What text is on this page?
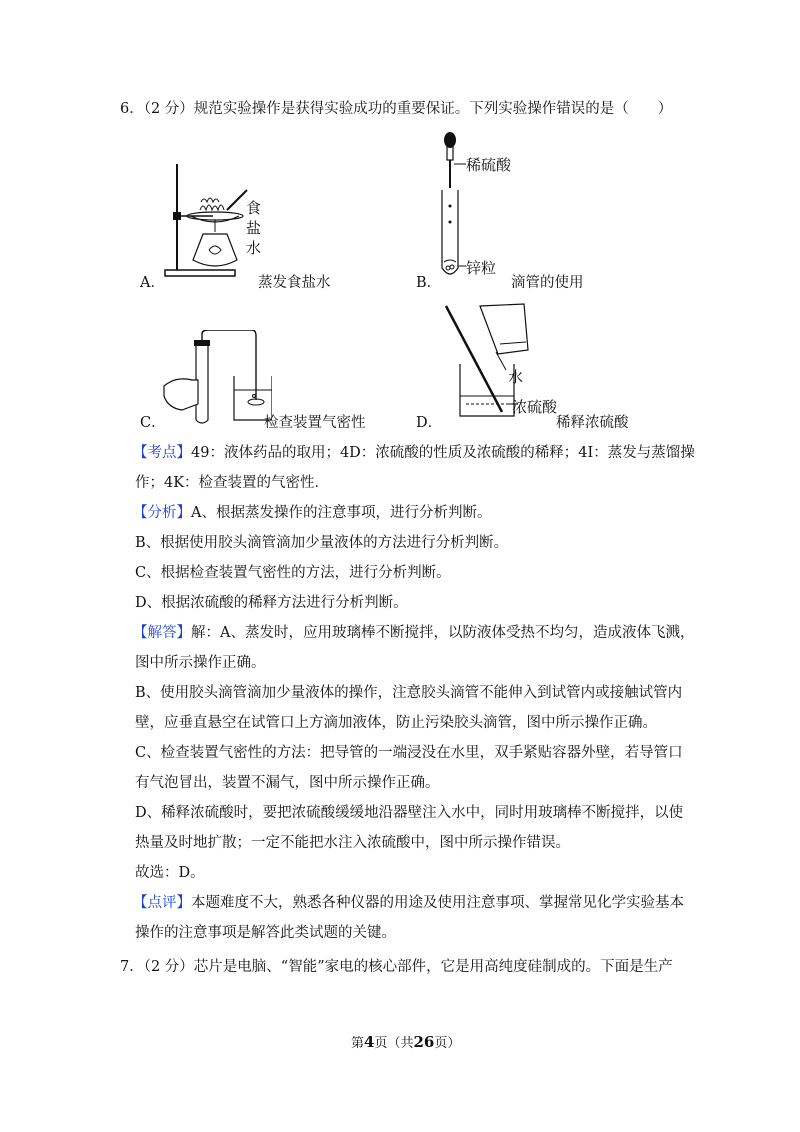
6．（2 分）规范实验操作是获得实验成功的重要保证。下列实验操作错误的是（　　）
食
盐
水
A．	蒸发食盐水
稀硫酸
锌粒
B．	滴管的使用
C．	检查装置气密性
水
浓硫酸
D．	稀释浓硫酸
【考点】49：液体药品的取用；4D：浓硫酸的性质及浓硫酸的稀释；4I：蒸发与蒸馏操
作；4K：检查装置的气密性．
【分析】A、根据蒸发操作的注意事项，进行分析判断。
B、根据使用胶头滴管滴加少量液体的方法进行分析判断。
C、根据检查装置气密性的方法，进行分析判断。
D、根据浓硫酸的稀释方法进行分析判断。
【解答】解：A、蒸发时，应用玻璃棒不断搅拌，以防液体受热不均匀，造成液体飞溅，
图中所示操作正确。
B、使用胶头滴管滴加少量液体的操作，注意胶头滴管不能伸入到试管内或接触试管内
壁，应垂直悬空在试管口上方滴加液体，防止污染胶头滴管，图中所示操作正确。
C、检查装置气密性的方法：把导管的一端浸没在水里，双手紧贴容器外壁，若导管口
有气泡冒出，装置不漏气，图中所示操作正确。
D、稀释浓硫酸时，要把浓硫酸缓缓地沿器壁注入水中，同时用玻璃棒不断搅拌，以使
热量及时地扩散；一定不能把水注入浓硫酸中，图中所示操作错误。
故选：D。
【点评】本题难度不大，熟悉各种仪器的用途及使用注意事项、掌握常见化学实验基本
操作的注意事项是解答此类试题的关键。
7．（2 分）芯片是电脑、“智能”家电的核心部件，它是用高纯度硅制成的。下面是生产
第4页（共26页）
